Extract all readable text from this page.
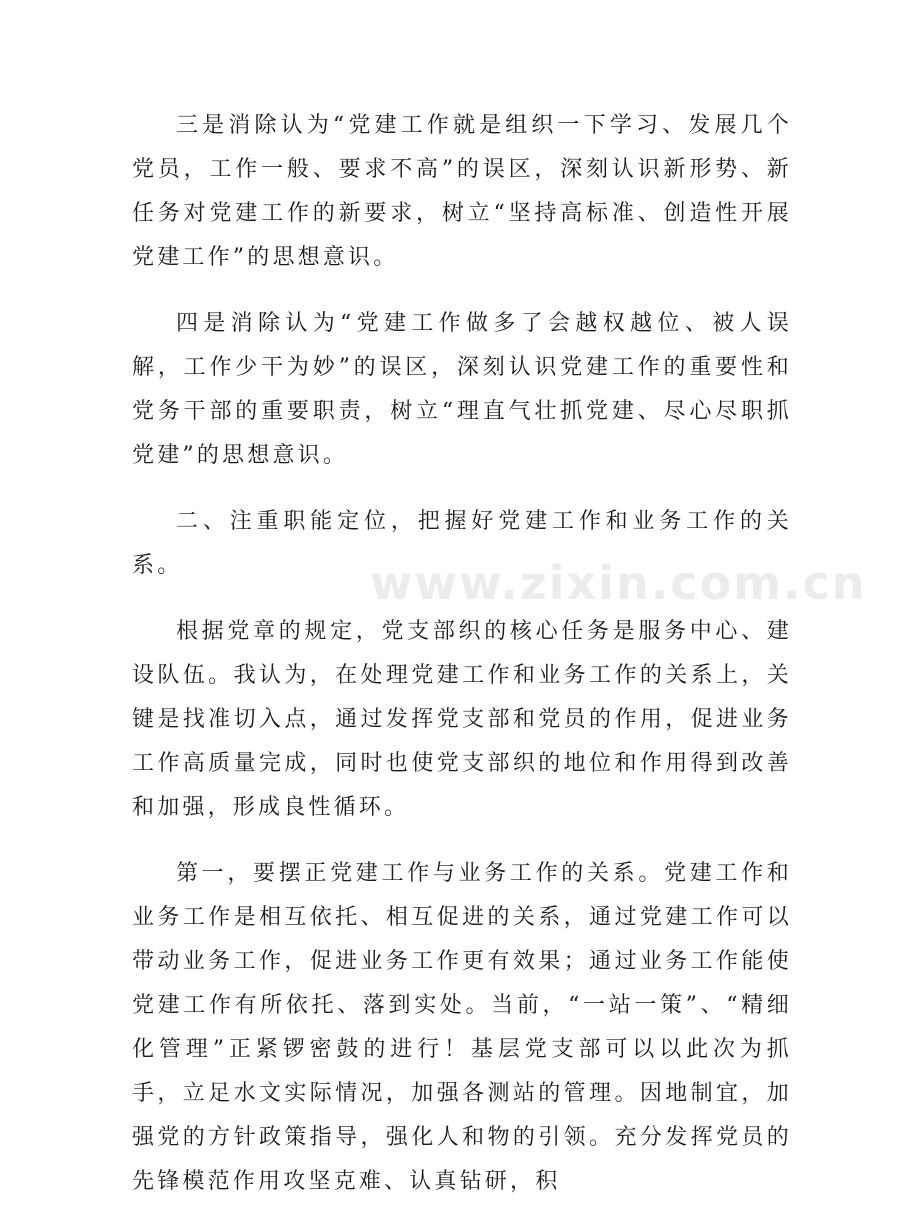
三是消除认为“党建工作就是组织一下学习、发展几个党员，工作一般、要求不高”的误区，深刻认识新形势、新任务对党建工作的新要求，树立“坚持高标准、创造性开展党建工作”的思想意识。

四是消除认为“党建工作做多了会越权越位、被人误解，工作少干为妙”的误区，深刻认识党建工作的重要性和党务干部的重要职责，树立“理直气壮抓党建、尽心尽职抓党建”的思想意识。

二、注重职能定位，把握好党建工作和业务工作的关系。

根据党章的规定，党支部织的核心任务是服务中心、建设队伍。我认为，在处理党建工作和业务工作的关系上，关键是找准切入点，通过发挥党支部和党员的作用，促进业务工作高质量完成，同时也使党支部织的地位和作用得到改善和加强，形成良性循环。

第一，要摆正党建工作与业务工作的关系。党建工作和业务工作是相互依托、相互促进的关系，通过党建工作可以带动业务工作，促进业务工作更有效果；通过业务工作能使党建工作有所依托、落到实处。当前，“一站一策”、“精细化管理”正紧锣密鼓的进行！基层党支部可以以此次为抓手，立足水文实际情况，加强各测站的管理。因地制宜，加强党的方针政策指导，强化人和物的引领。充分发挥党员的先锋模范作用攻坚克难、认真钻研，积

www.zixin.com.cn
